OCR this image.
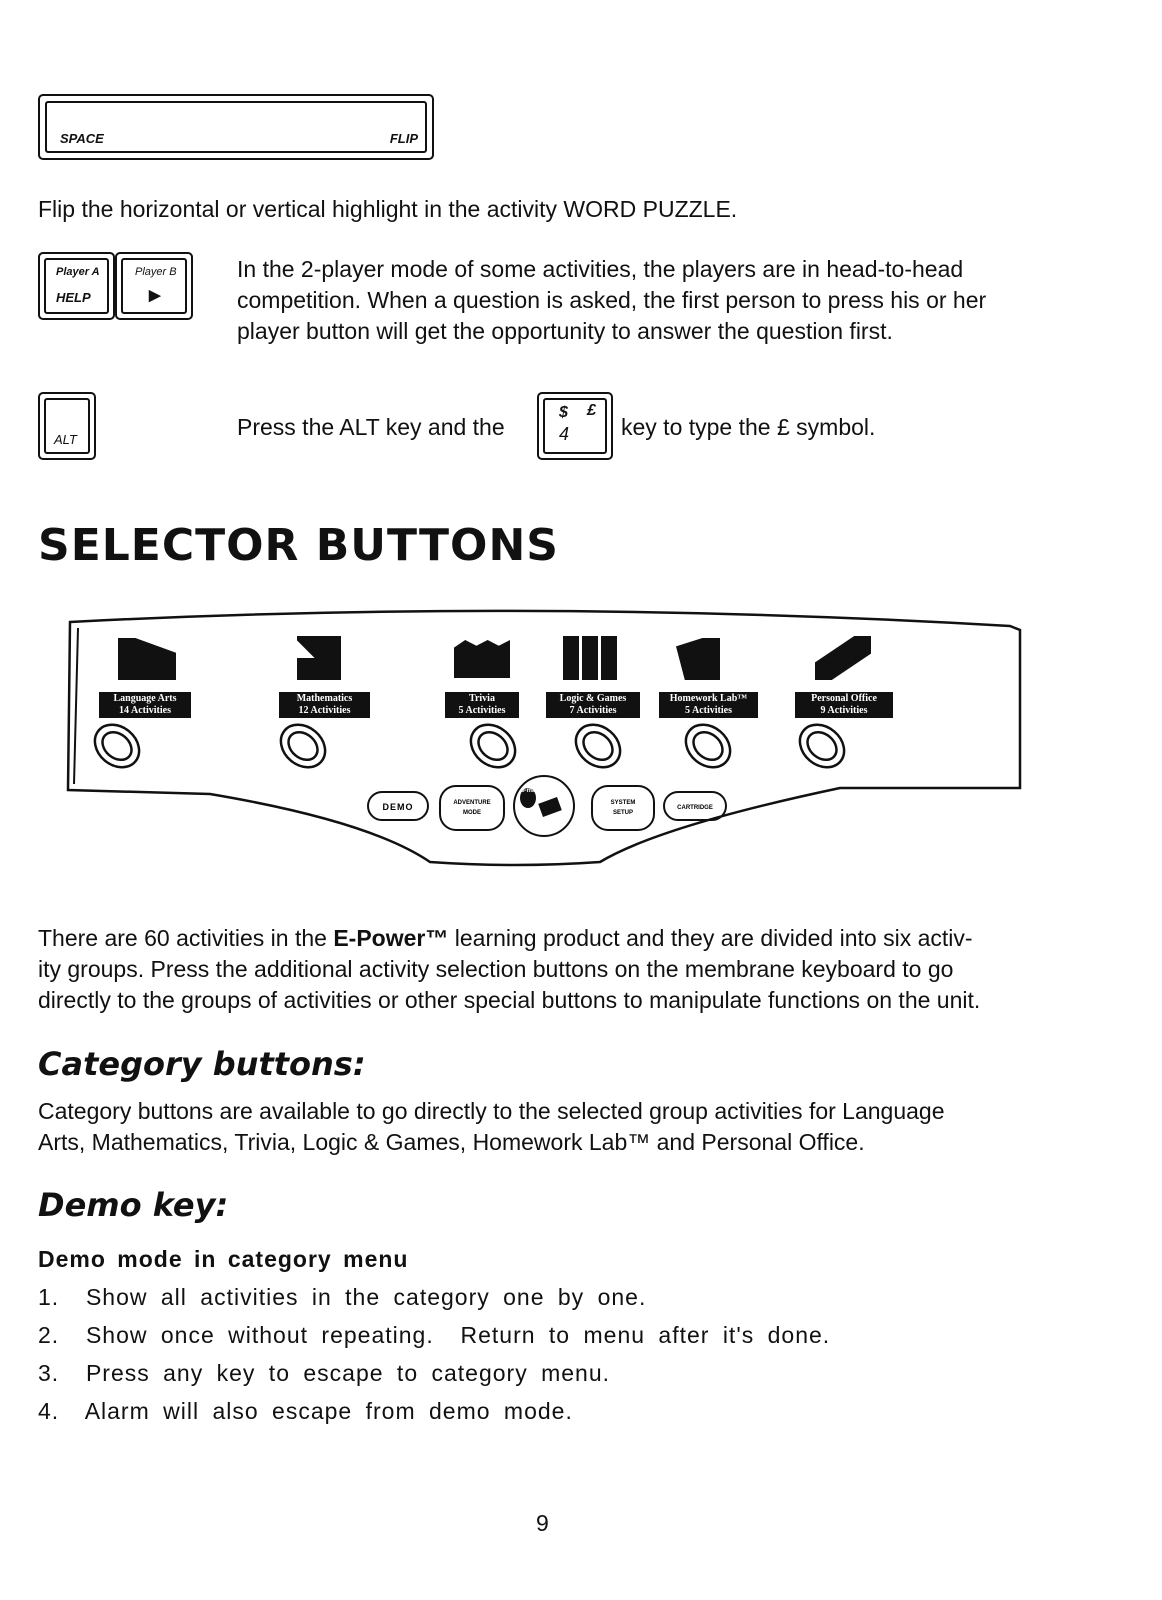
SPACE	FLIP
Flip the horizontal or vertical highlight in the activity WORD PUZZLE.
Player A
HELP
Player B
▶
In the 2-player mode of some activities, the players are in head-to-head
competition. When a question is asked, the first person to press his or her
player button will get the opportunity to answer the question first.
ALT	Press the ALT key and the
$ £
4 key to type the £ symbol.
SELECTOR BUTTONS
DEMO	ADVENTURE
MODE
e-mail
SYSTEM
SETUP
CARTRIDGE
Language Arts
14 Activities
Mathematics
12 Activities
Trivia
5 Activities
Logic & Games
7 Activities
Homework Lab™
5 Activities
Personal Office
9 Activities
There are 60 activities in the E-Power™ learning product and they are divided into six activ-
ity groups. Press the additional activity selection buttons on the membrane keyboard to go
directly to the groups of activities or other special buttons to manipulate functions on the unit.
Category buttons:
Category buttons are available to go directly to the selected group activities for Language
Arts, Mathematics, Trivia, Logic & Games, Homework Lab™ and Personal Office.
Demo key:
Demo mode in category menu
1.  Show all activities in the category one by one.
2.  Show once without repeating.  Return to menu after it's done.
3.  Press any key to escape to category menu.
4.  Alarm will also escape from demo mode.
9
